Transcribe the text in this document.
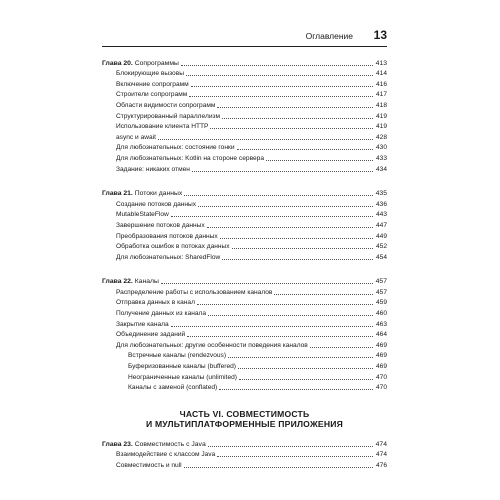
Оглавление 13
Глава 20. Сопрограммы	413
Блокирующие вызовы	414
Включение сопрограмм	416
Строители сопрограмм	417
Области видимости сопрограмм	418
Структурированный параллелизм	419
Использование клиента HTTP	419
async и await	428
Для любознательных: состояние гонки	430
Для любознательных: Kotlin на стороне сервера	433
Задание: никаких отмен	434
Глава 21. Потоки данных	435
Создание потоков данных	436
MutableStateFlow	443
Завершение потоков данных	447
Преобразования потоков данных	449
Обработка ошибок в потоках данных	452
Для любознательных: SharedFlow	454
Глава 22. Каналы	457
Распределение работы с использованием каналов	457
Отправка данных в канал	459
Получение данных из канала	460
Закрытие канала	463
Объединение заданий	464
Для любознательных: другие особенности поведения каналов	469
Встречные каналы (rendezvous)	469
Буферизованные каналы (buffered)	469
Неограниченные каналы (unlimited)	470
Каналы с заменой (conflated)	470
ЧАСТЬ VI. СОВМЕСТИМОСТЬ
И МУЛЬТИПЛАТФОРМЕННЫЕ ПРИЛОЖЕНИЯ
Глава 23. Совместимость с Java	474
Взаимодействие с классом Java	474
Совместимость и null	476
